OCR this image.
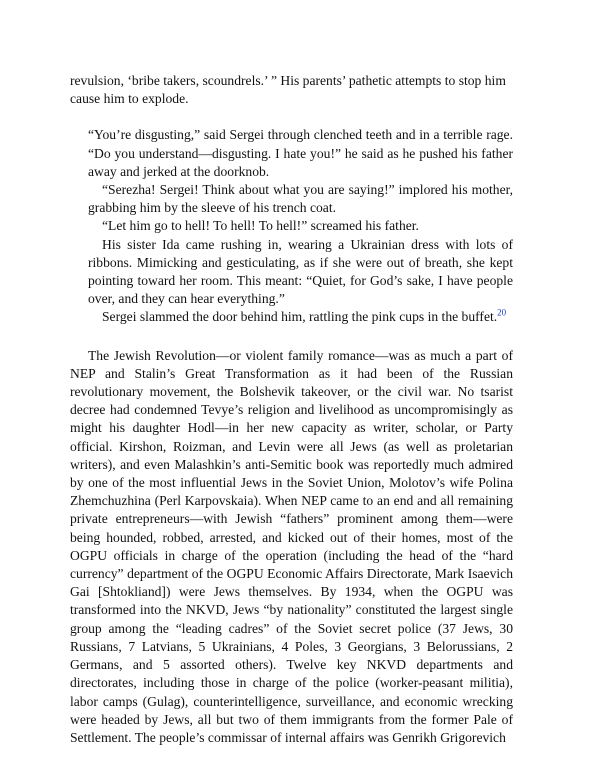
revulsion, ‘bribe takers, scoundrels.’ ” His parents’ pathetic attempts to stop him cause him to explode.

“You’re disgusting,” said Sergei through clenched teeth and in a terrible rage. “Do you understand—disgusting. I hate you!” he said as he pushed his father away and jerked at the doorknob.

“Serezha! Sergei! Think about what you are saying!” implored his mother, grabbing him by the sleeve of his trench coat.

“Let him go to hell! To hell! To hell!” screamed his father.

His sister Ida came rushing in, wearing a Ukrainian dress with lots of ribbons. Mimicking and gesticulating, as if she were out of breath, she kept pointing toward her room. This meant: “Quiet, for God’s sake, I have people over, and they can hear everything.”

Sergei slammed the door behind him, rattling the pink cups in the buffet.$^{20}$

The Jewish Revolution—or violent family romance—was as much a part of NEP and Stalin’s Great Transformation as it had been of the Russian revolutionary movement, the Bolshevik takeover, or the civil war. No tsarist decree had condemned Tevye’s religion and livelihood as uncompromisingly as might his daughter Hodl—in her new capacity as writer, scholar, or Party official. Kirshon, Roizman, and Levin were all Jews (as well as proletarian writers), and even Malashkin’s anti-Semitic book was reportedly much admired by one of the most influential Jews in the Soviet Union, Molotov’s wife Polina Zhemchuzhina (Perl Karpovskaia). When NEP came to an end and all remaining private entrepreneurs—with Jewish “fathers” prominent among them—were being hounded, robbed, arrested, and kicked out of their homes, most of the OGPU officials in charge of the operation (including the head of the “hard currency” department of the OGPU Economic Affairs Directorate, Mark Isaevich Gai [Shtokliand]) were Jews themselves. By 1934, when the OGPU was transformed into the NKVD, Jews “by nationality” constituted the largest single group among the “leading cadres” of the Soviet secret police (37 Jews, 30 Russians, 7 Latvians, 5 Ukrainians, 4 Poles, 3 Georgians, 3 Belorussians, 2 Germans, and 5 assorted others). Twelve key NKVD departments and directorates, including those in charge of the police (worker-peasant militia), labor camps (Gulag), counterintelligence, surveillance, and economic wrecking were headed by Jews, all but two of them immigrants from the former Pale of Settlement. The people’s commissar of internal affairs was Genrikh Grigorevich
